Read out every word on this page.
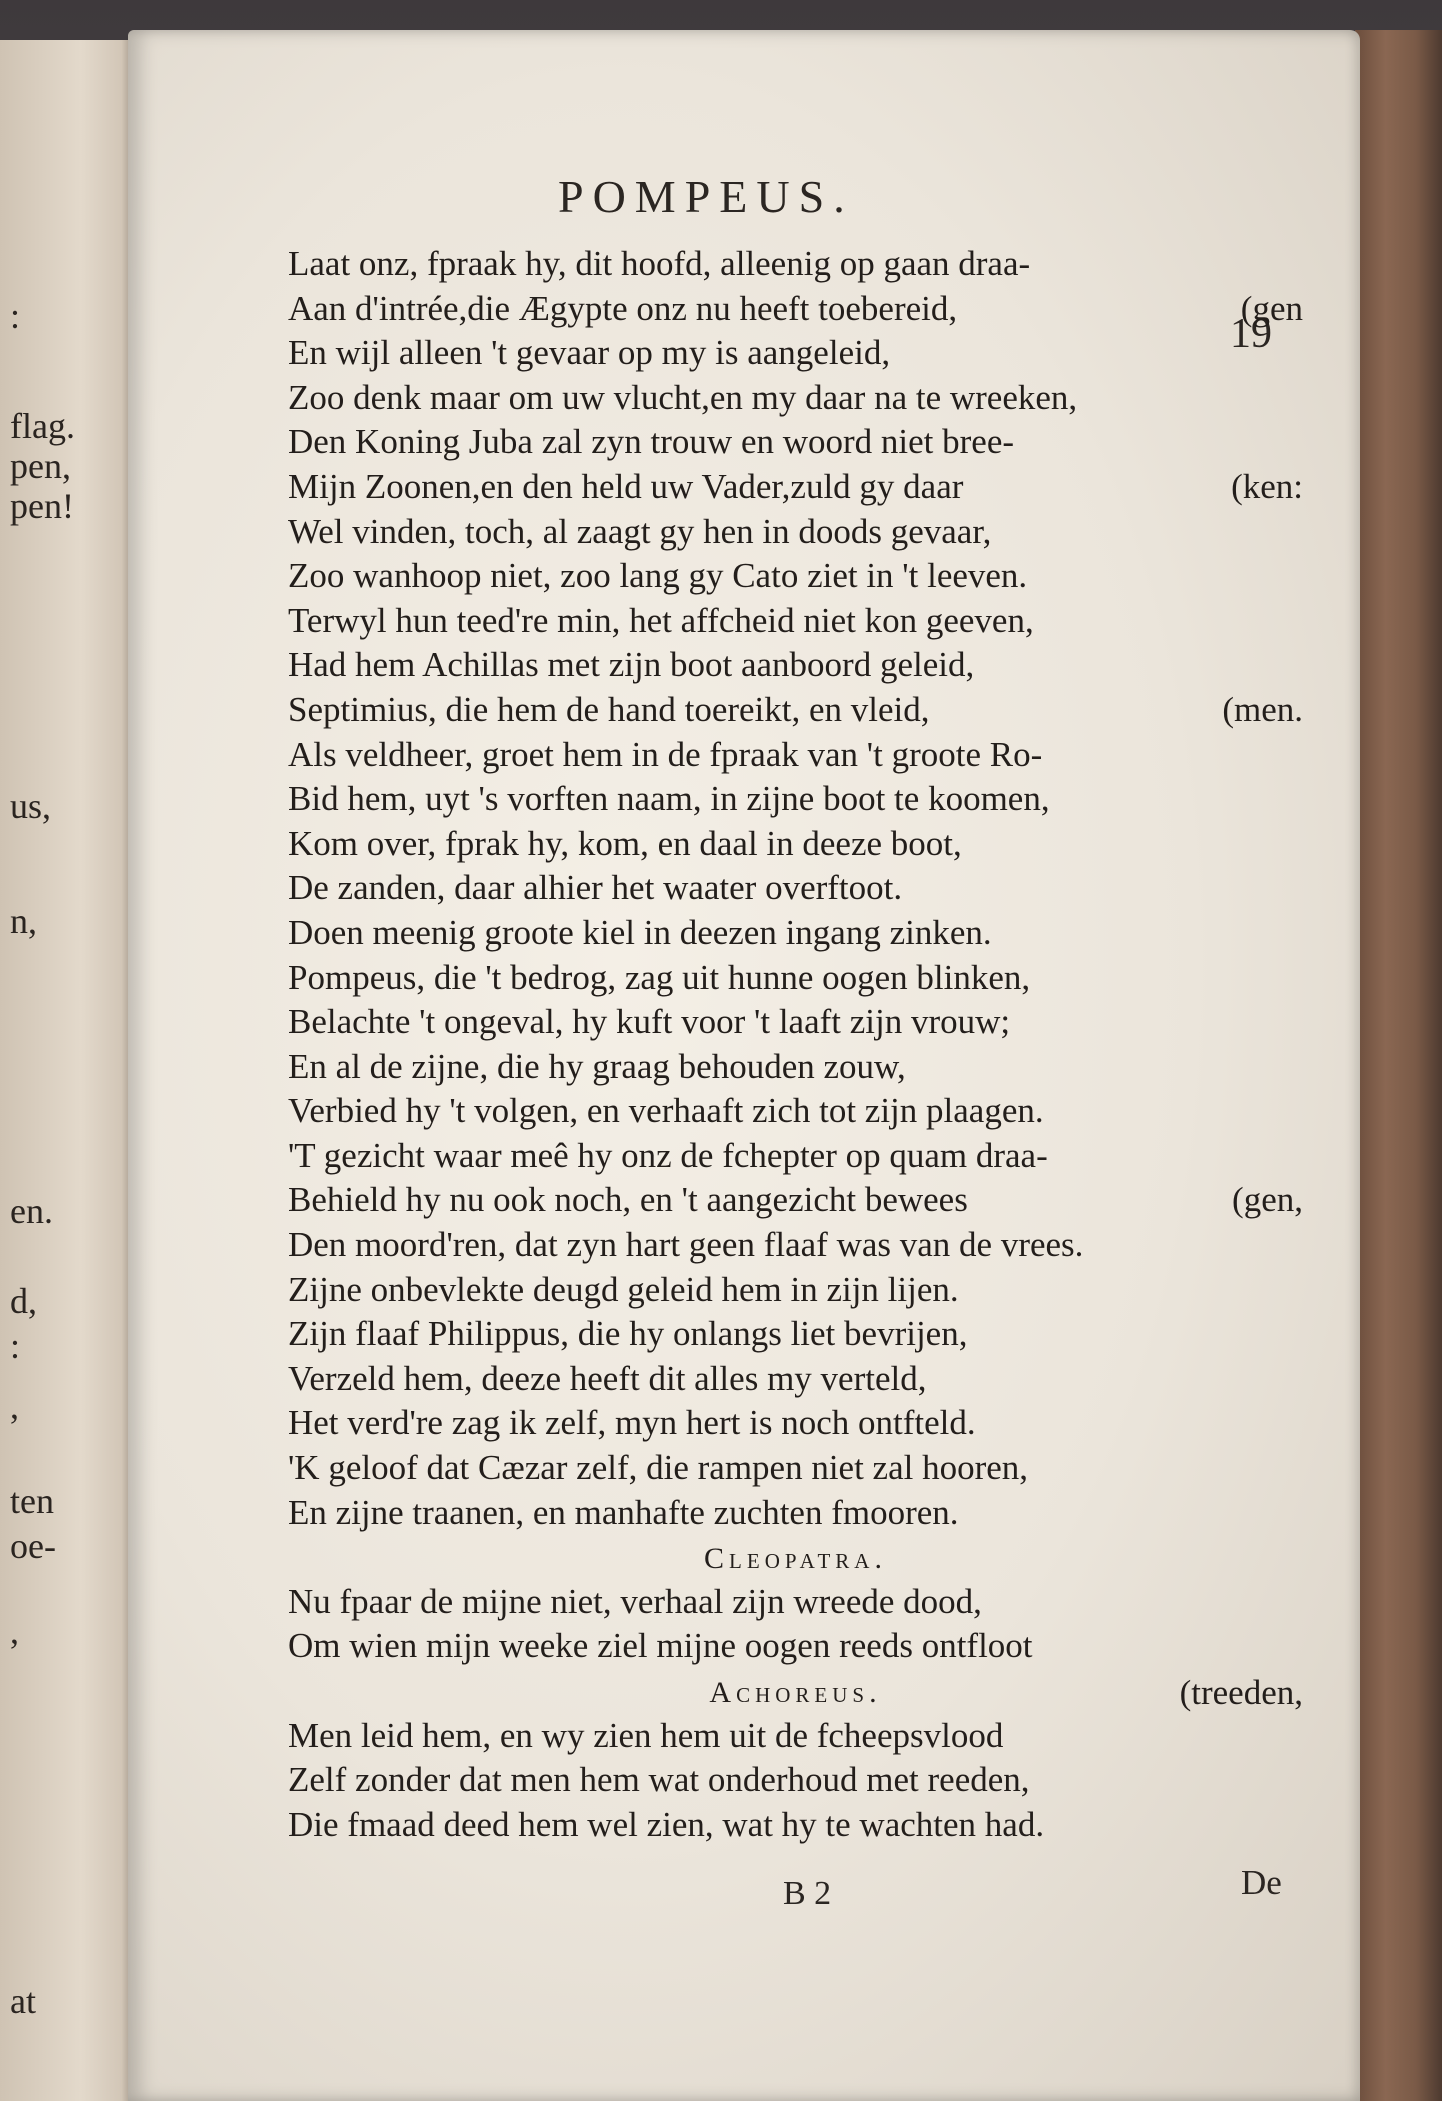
:
flag.
pen,
pen!
us,
n,
en.
d,
:
,
ten
oe-
,
at
POMPEUS.
19
Laat onz, fpraak hy, dit hoofd, alleenig op gaan draa-
Aan d'intrée,die Ægypte onz nu heeft toebereid,	(gen
En wijl alleen 't gevaar op my is aangeleid,
Zoo denk maar om uw vlucht,en my daar na te wreeken,
Den Koning Juba zal zyn trouw en woord niet bree-
Mijn Zoonen,en den held uw Vader,zuld gy daar	(ken:
Wel vinden, toch, al zaagt gy hen in doods gevaar,
Zoo wanhoop niet, zoo lang gy Cato ziet in 't leeven.
Terwyl hun teed're min, het affcheid niet kon geeven,
Had hem Achillas met zijn boot aanboord geleid,
Septimius, die hem de hand toereikt, en vleid,	(men.
Als veldheer, groet hem in de fpraak van 't groote Ro-
Bid hem, uyt 's vorften naam, in zijne boot te koomen,
Kom over, fprak hy, kom, en daal in deeze boot,
De zanden, daar alhier het waater overftoot.
Doen meenig groote kiel in deezen ingang zinken.
Pompeus, die 't bedrog, zag uit hunne oogen blinken,
Belachte 't ongeval, hy kuft voor 't laaft zijn vrouw;
En al de zijne, die hy graag behouden zouw,
Verbied hy 't volgen, en verhaaft zich tot zijn plaagen.
'T gezicht waar meê hy onz de fchepter op quam draa-
Behield hy nu ook noch, en 't aangezicht bewees	(gen,
Den moord'ren, dat zyn hart geen flaaf was van de vrees.
Zijne onbevlekte deugd geleid hem in zijn lijen.
Zijn flaaf Philippus, die hy onlangs liet bevrijen,
Verzeld hem, deeze heeft dit alles my verteld,
Het verd're zag ik zelf, myn hert is noch ontfteld.
'K geloof dat Cæzar zelf, die rampen niet zal hooren,
En zijne traanen, en manhafte zuchten fmooren.
Cleopatra.
Nu fpaar de mijne niet, verhaal zijn wreede dood,
Om wien mijn weeke ziel mijne oogen reeds ontfloot
Achoreus.	(treeden,
Men leid hem, en wy zien hem uit de fcheepsvlood
Zelf zonder dat men hem wat onderhoud met reeden,
Die fmaad deed hem wel zien, wat hy te wachten had.
B 2	De
